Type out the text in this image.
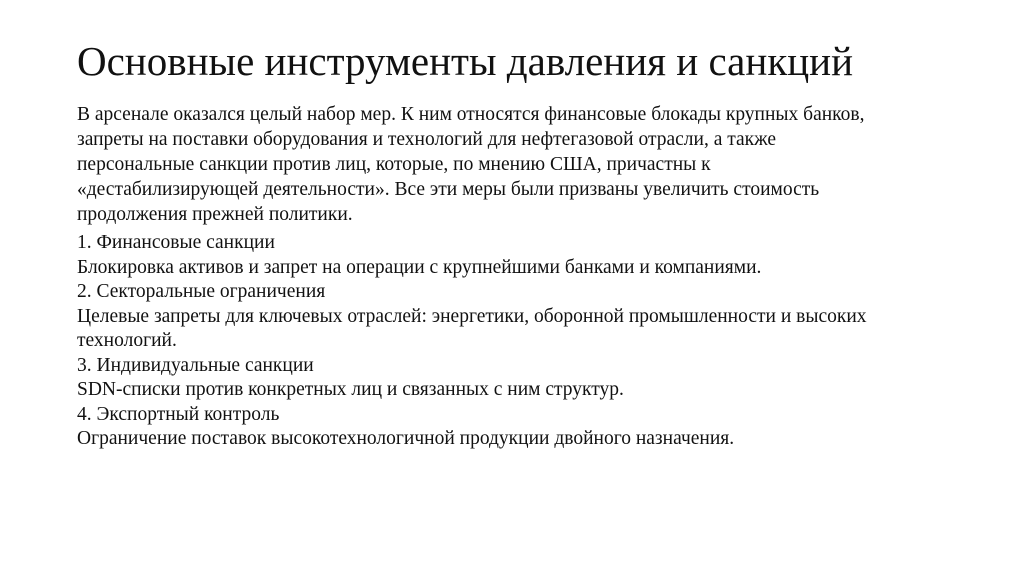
Основные инструменты давления и санкций

В арсенале оказался целый набор мер. К ним относятся финансовые блокады крупных банков,
запреты на поставки оборудования и технологий для нефтегазовой отрасли, а также
персональные санкции против лиц, которые, по мнению США, причастны к
«дестабилизирующей деятельности». Все эти меры были призваны увеличить стоимость
продолжения прежней политики.

1. Финансовые санкции

Блокировка активов и запрет на операции с крупнейшими банками и компаниями.

2. Секторальные ограничения

Целевые запреты для ключевых отраслей: энергетики, оборонной промышленности и высоких
технологий.

3. Индивидуальные санкции

SDN-списки против конкретных лиц и связанных с ним структур.

4. Экспортный контроль

Ограничение поставок высокотехнологичной продукции двойного назначения.
